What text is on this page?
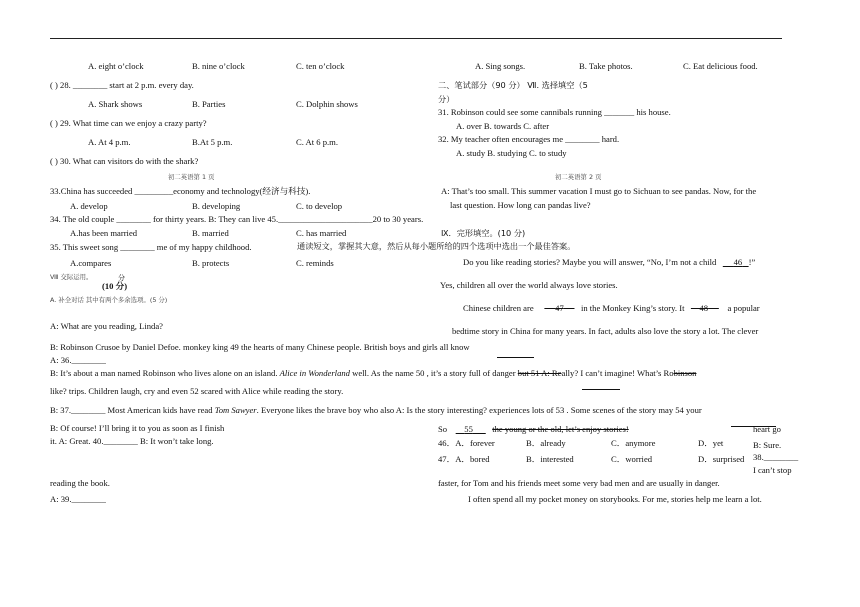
A. eight o’clock	B. nine o’clock	C. ten o’clock
( ) 28. ________ start at 2 p.m. every day.
A. Shark shows	B. Parties	C. Dolphin shows
( ) 29. What time can we enjoy a crazy party?
A. At 4 p.m.	B.At 5 p.m.	C. At 6 p.m.
( ) 30. What can visitors do with the shark?
初二英语第 1 页
33.China has succeeded _________economy and technology(经济与科技).
A. develop	B. developing	C. to develop
34. The old couple ________ for thirty years. B: They can live 45.______________________20 to 30 years.
A.has been married	B. married	C. has married
35. This sweet song ________ me of my happy childhood.	通读短文，掌握其大意，然后从每小题所给的四个选项中选出一个最佳答案。
A.compares	B. protects	C. reminds
Ⅷ 交际运用。	分
(10 分)
A. 补全对话 其中有两个多余选项。(5 分)
A: What are you reading, Linda?
B: Robinson Crusoe by Daniel Defoe. monkey king 49 the hearts of many Chinese people. British boys and girls all know
A: 36.________
B: It’s about a man named Robinson who lives alone on an island. Alice in Wonderland well. As the name 50 , it’s a story full of danger but 51 A: Really? I can’t imagine! What’s Robinson
like? trips. Children laugh, cry and even 52 scared with Alice while reading the story.
B: 37.________ Most American kids have read Tom Sawyer. Everyone likes the brave boy who also A: Is the story interesting? experiences lots of 53 . Some scenes of the story may 54 your
B: Of course! I’ll bring it to you as soon as I finish
it. A: Great. 40.________ B: It won’t take long.
reading the book.
A: 39.________
A. Sing songs.	B. Take photos.	C. Eat delicious food.
二、笔试部分（90 分） Ⅶ. 选择填空（5
分）
31. Robinson could see some cannibals running _______ his house.
A. over B. towards C. after
32. My teacher often encourages me ________ hard.
A. study B. studying C. to study
初二英语第 2 页
A: That’s too small. This summer vacation I must go to Sichuan to see pandas. Now, for the
last question. How long can pandas live?
Ⅸ．完形填空。(10 分)
Do you like reading stories? Maybe you will answer, “No, I’m not a child 46 !”
Yes, children all over the world always love stories.
Chinese children are	47 in the Monkey King’s story. It 48 a popular
bedtime story in China for many years. In fact, adults also love the story a lot. The clever
So 55 the young or the old, let’s enjoy stories!	heart go
46．A．forever	B．already	C．anymore	D．yet	B: Sure.
47．A．bored	B．interested	C．worried	D．surprised 38.________
I can’t stop
faster, for Tom and his friends meet some very bad men and are usually in danger.
I often spend all my pocket money on storybooks. For me, stories help me learn a lot.
